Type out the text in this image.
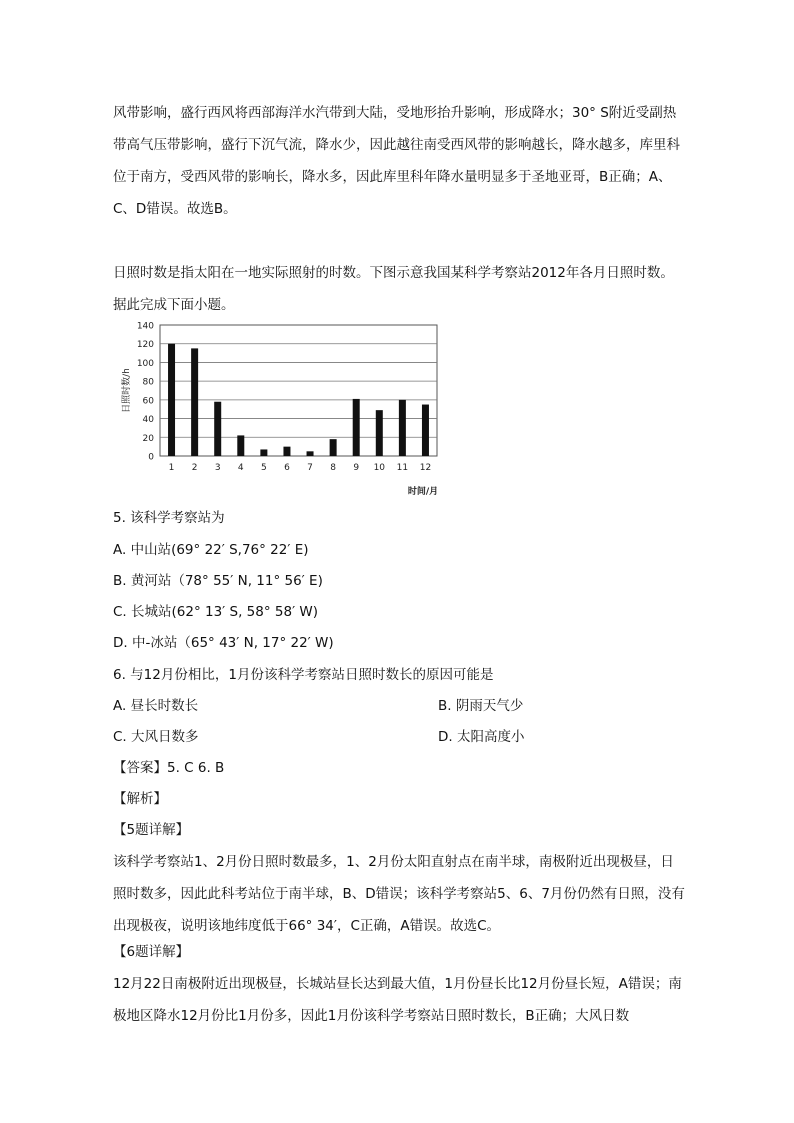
风带影响，盛行西风将西部海洋水汽带到大陆，受地形抬升影响，形成降水；30° S附近受副热带高气压带影响，盛行下沉气流，降水少，因此越往南受西风带的影响越长，降水越多，库里科位于南方，受西风带的影响长，降水多，因此库里科年降水量明显多于圣地亚哥，B正确；A、C、D错误。故选B。

日照时数是指太阳在一地实际照射的时数。下图示意我国某科学考察站2012年各月日照时数。据此完成下面小题。

0
20
40
60
80
100
120
140
1 2 3 4 5 6 7 8 9 10 11 12
日照时数/h
时间/月

5. 该科学考察站为

A. 中山站(69° 22′ S,76° 22′ E)

B. 黄河站（78° 55′ N, 11° 56′ E)

C. 长城站(62° 13′ S, 58° 58′ W)

D. 中-冰站（65° 43′ N, 17° 22′ W)

6. 与12月份相比，1月份该科学考察站日照时数长的原因可能是

A. 昼长时数长	B. 阴雨天气少

C. 大风日数多	D. 太阳高度小

【答案】5. C 6. B

【解析】

【5题详解】

该科学考察站1、2月份日照时数最多，1、2月份太阳直射点在南半球，南极附近出现极昼，日照时数多，因此此科考站位于南半球，B、D错误；该科学考察站5、6、7月份仍然有日照，没有出现极夜，说明该地纬度低于66° 34′，C正确，A错误。故选C。

【6题详解】

12月22日南极附近出现极昼，长城站昼长达到最大值，1月份昼长比12月份昼长短，A错误；南极地区降水12月份比1月份多，因此1月份该科学考察站日照时数长，B正确；大风日数
